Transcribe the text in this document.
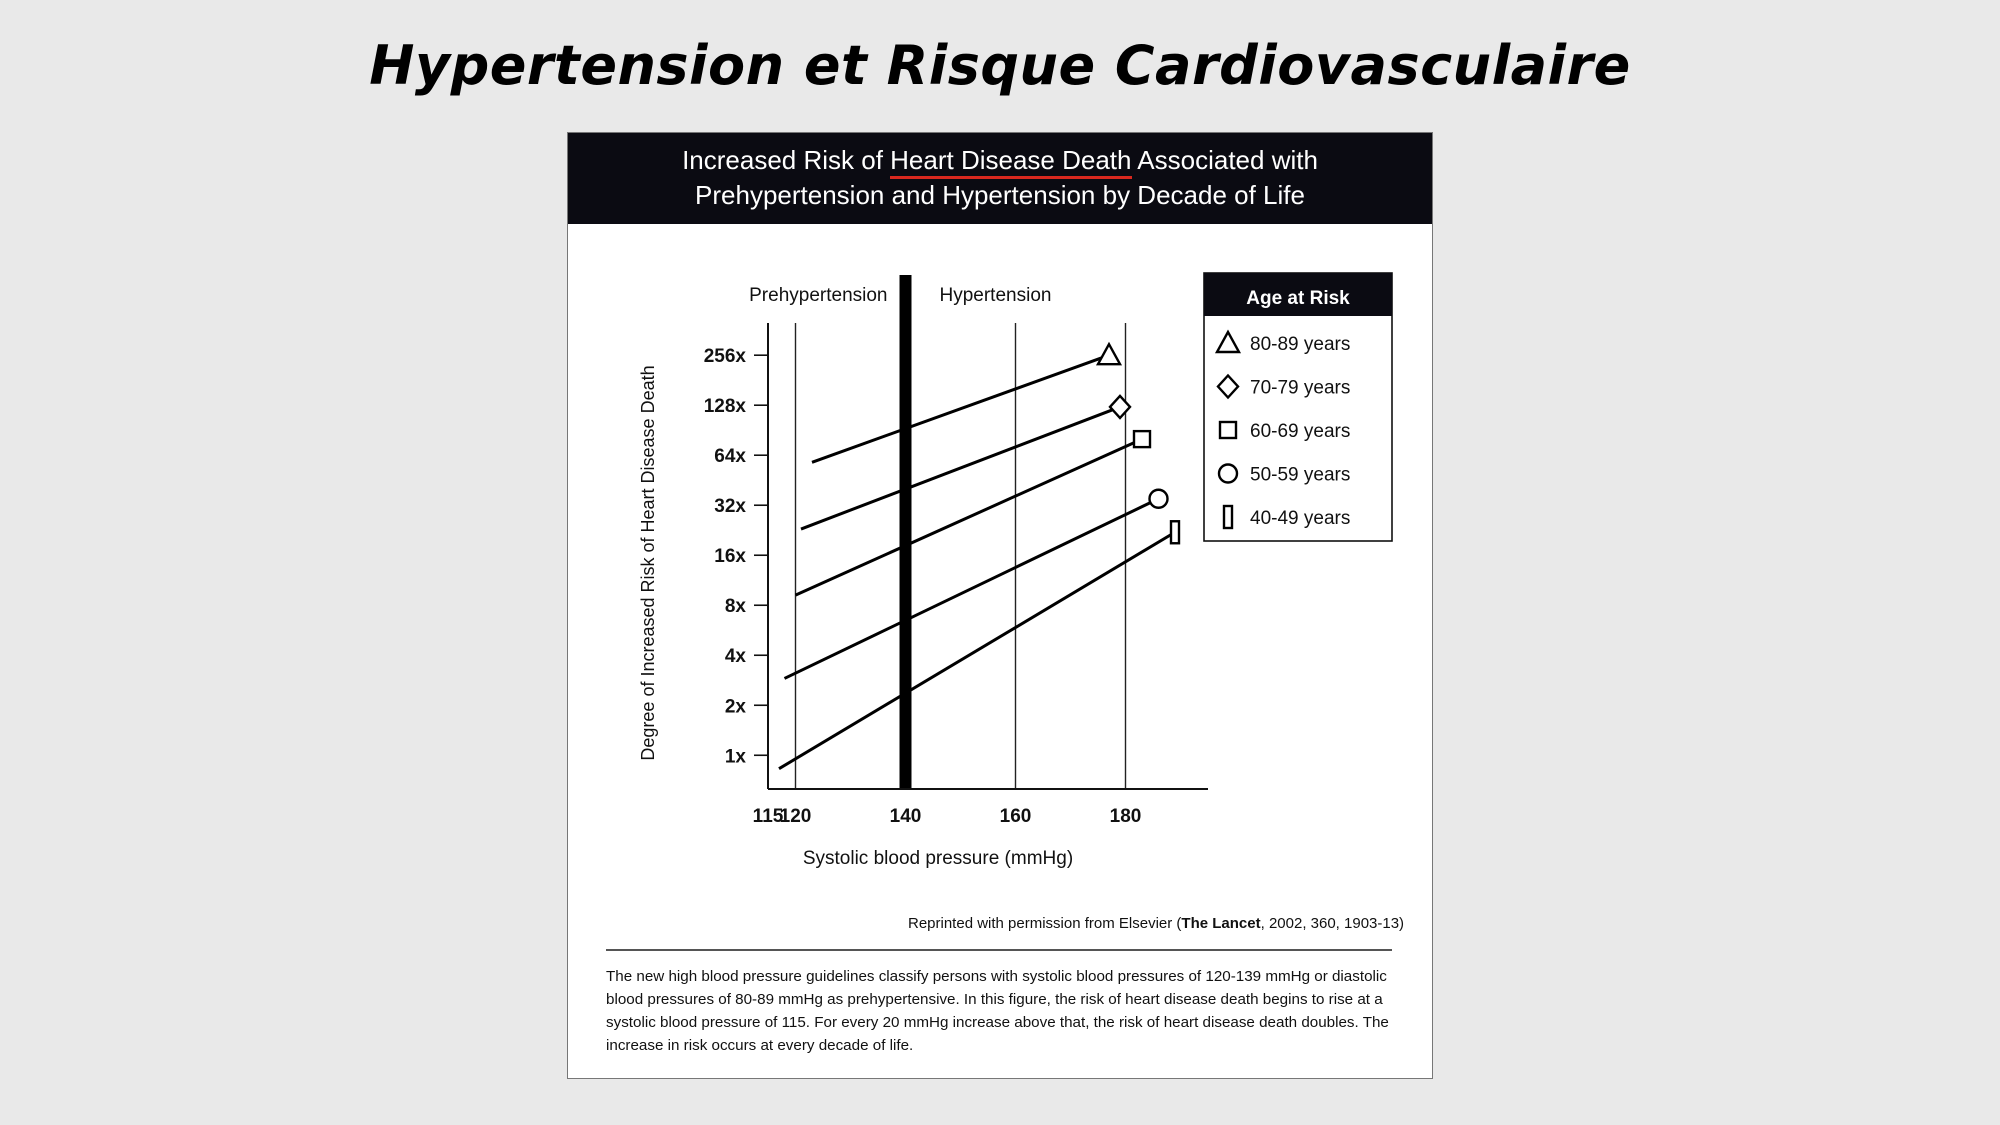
Hypertension et Risque Cardiovasculaire
Increased Risk of Heart Disease Death Associated with
Prehypertension and Hypertension by Decade of Life
Prehypertension	Hypertension
1x
2x
4x
8x
16x
32x
64x
128x
256x
115
120	140	160	180
Systolic blood pressure (mmHg)
Degree of Increased Risk of Heart Disease Death
Age at Risk
80-89 years
70-79 years
60-69 years
50-59 years
40-49 years
Reprinted with permission from Elsevier (The Lancet, 2002, 360, 1903-13)
The new high blood pressure guidelines classify persons with systolic blood pressures of 120-139 mmHg or diastolic blood pressures of 80-89 mmHg as prehypertensive. In this figure, the risk of heart disease death begins to rise at a systolic blood pressure of 115. For every 20 mmHg increase above that, the risk of heart disease death doubles. The increase in risk occurs at every decade of life.
